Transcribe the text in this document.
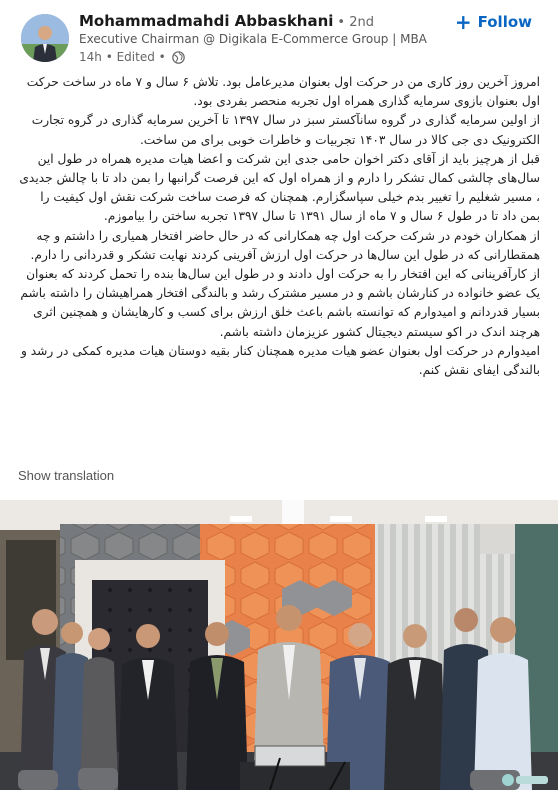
Mohammadmahdi Abbaskhani • 2nd
Executive Chairman @ Digikala E-Commerce Group | MBA
14h • Edited •
+ Follow

امروز آخرین روز کاری من در حرکت اول بعنوان مدیرعامل بود. تلاش ۶ سال و ۷ ماه در ساخت حرکت اول بعنوان بازوی سرمایه گذاری همراه اول تجربه منحصر بفردی بود.

از اولین سرمایه گذاری در گروه سانآکستر سبز در سال ۱۳۹۷ تا آخرین سرمایه گذاری در گروه تجارت الکترونیک دی جی کالا در سال ۱۴۰۳ تجربیات و خاطرات خوبی برای من ساخت.

قبل از هرچیز باید از آقای دکتر اخوان حامی جدی این شرکت و اعضا هیات مدیره همراه در طول این سال‌های چالشی کمال تشکر را دارم و از همراه اول که این فرصت گرانبها را بمن داد تا با چالش جدیدی ، مسیر شغلیم را تغییر بدم خیلی سپاسگزارم. همچنان که فرصت ساخت شرکت نقش اول کیفیت را بمن داد تا در طول ۶ سال و ۷ ماه از سال ۱۳۹۱ تا سال ۱۳۹۷ تجربه ساختن را بیاموزم.

از همکاران خودم در شرکت حرکت اول چه همکارانی که در حال حاضر افتخار همیاری را داشتم و چه همقطارانی که در طول این سال‌ها در حرکت اول ارزش آفرینی کردند نهایت تشکر و قدردانی را دارم.

از کارآفرینانی که این افتخار را به حرکت اول دادند و در طول این سال‌ها بنده را تحمل کردند که بعنوان یک عضو خانواده در کنارشان باشم و در مسیر مشترک رشد و بالندگی افتخار همراهیشان را داشته باشم بسیار قدردانم و امیدوارم که توانسته باشم باعث خلق ارزش برای کسب و کارهایشان و همچنین اثری هرچند اندک در اکو سیستم دیجیتال کشور عزیزمان داشته باشم.

امیدوارم در حرکت اول بعنوان عضو هیات مدیره همچنان کنار بقیه دوستان هیات مدیره کمکی در رشد و بالندگی ایفای نقش کنم.

Show translation
